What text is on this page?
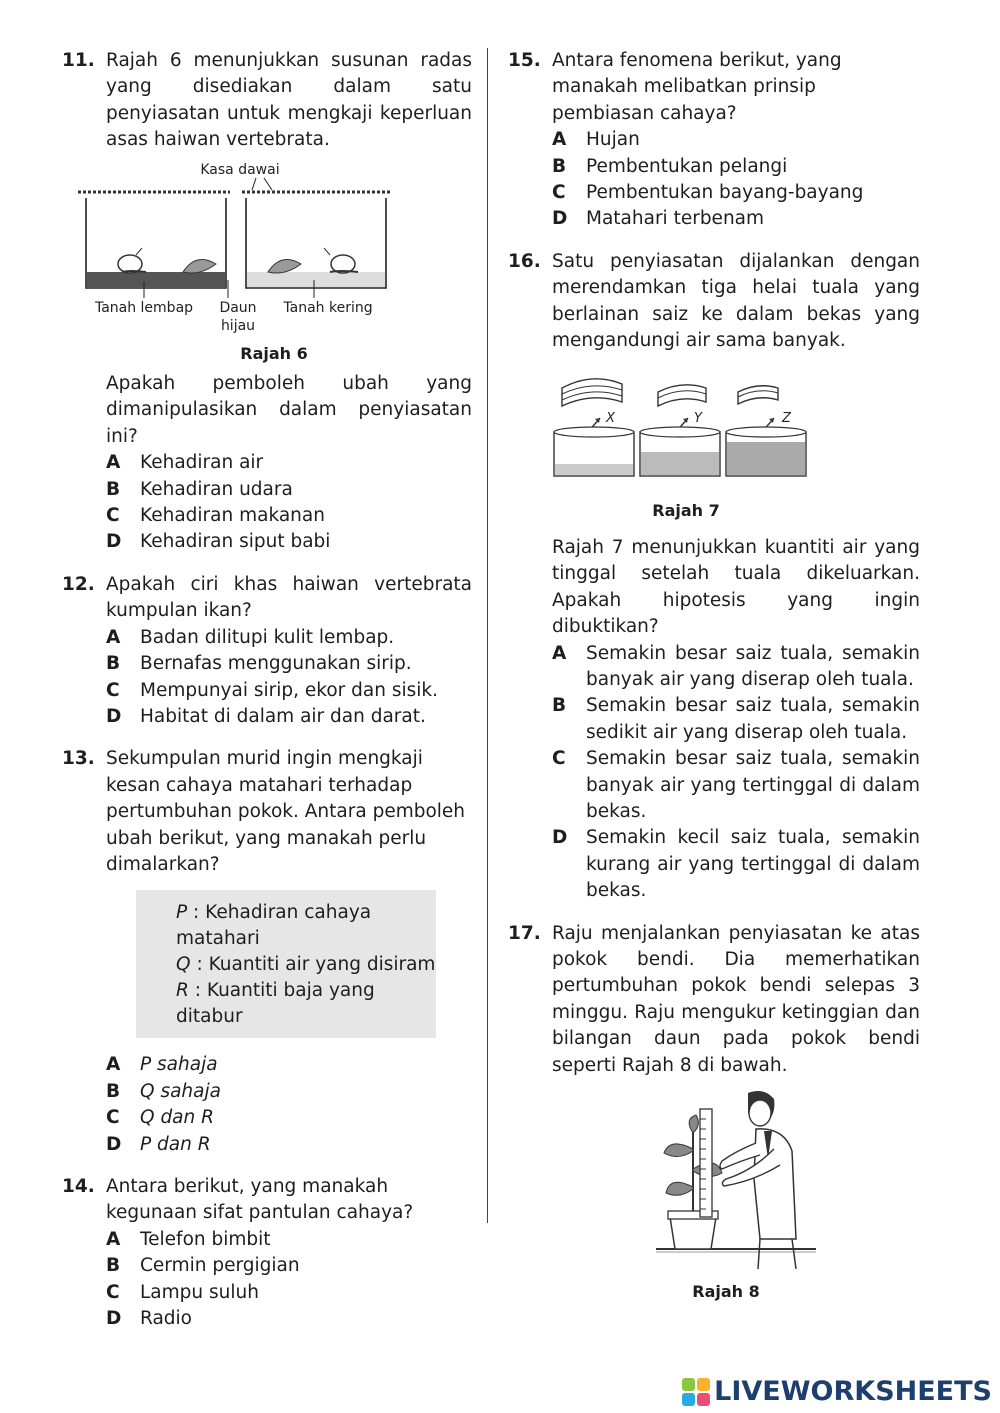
11. Rajah 6 menunjukkan susunan radas yang disediakan dalam satu penyiasatan untuk mengkaji keperluan asas haiwan vertebrata.
Kasa dawai
Tanah lembap Daun
hijau
Tanah kering
Rajah 6
Apakah pemboleh ubah yang dimanipulasikan dalam penyiasatan ini?
A Kehadiran air
B Kehadiran udara
C Kehadiran makanan
D Kehadiran siput babi
12. Apakah ciri khas haiwan vertebrata kumpulan ikan?
A Badan dilitupi kulit lembap.
B Bernafas menggunakan sirip.
C Mempunyai sirip, ekor dan sisik.
D Habitat di dalam air dan darat.
13. Sekumpulan murid ingin mengkaji kesan cahaya matahari terhadap pertumbuhan pokok. Antara pemboleh ubah berikut, yang manakah perlu dimalarkan?
P : Kehadiran cahaya matahari
Q : Kuantiti air yang disiram
R : Kuantiti baja yang ditabur
A P sahaja
B Q sahaja
C Q dan R
D P dan R
14. Antara berikut, yang manakah kegunaan sifat pantulan cahaya?
A Telefon bimbit
B Cermin pergigian
C Lampu suluh
D Radio
15. Antara fenomena berikut, yang manakah melibatkan prinsip pembiasan cahaya?
A Hujan
B Pembentukan pelangi
C Pembentukan bayang-bayang
D Matahari terbenam
16. Satu penyiasatan dijalankan dengan merendamkan tiga helai tuala yang berlainan saiz ke dalam bekas yang mengandungi air sama banyak.
X	Y	Z
Rajah 7
Rajah 7 menunjukkan kuantiti air yang tinggal setelah tuala dikeluarkan. Apakah hipotesis yang ingin dibuktikan?
A Semakin besar saiz tuala, semakin banyak air yang diserap oleh tuala.
B Semakin besar saiz tuala, semakin sedikit air yang diserap oleh tuala.
C Semakin besar saiz tuala, semakin banyak air yang tertinggal di dalam bekas.
D Semakin kecil saiz tuala, semakin kurang air yang tertinggal di dalam bekas.
17. Raju menjalankan penyiasatan ke atas pokok bendi. Dia memerhatikan pertumbuhan pokok bendi selepas 3 minggu. Raju mengukur ketinggian dan bilangan daun pada pokok bendi seperti Rajah 8 di bawah.
Rajah 8
LIVEWORKSHEETS
